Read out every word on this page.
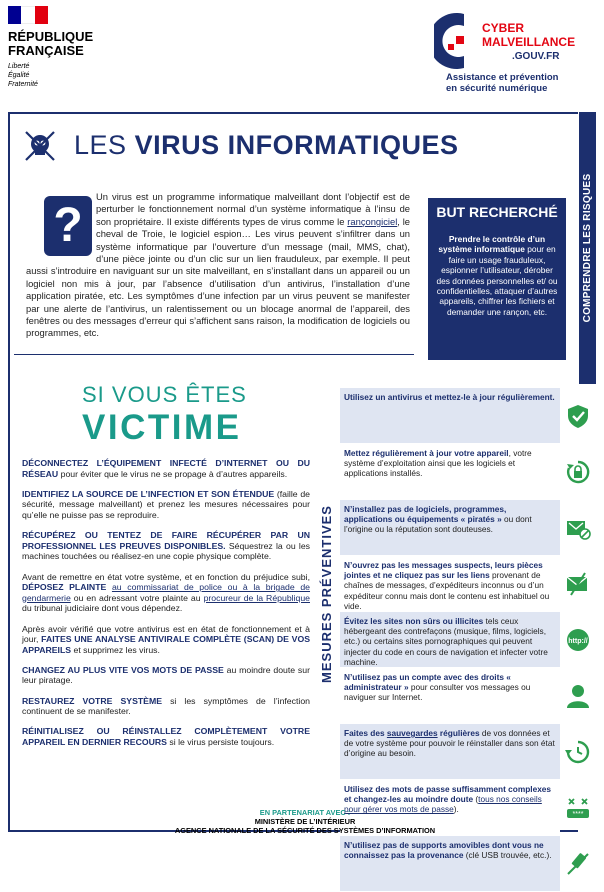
RÉPUBLIQUE
FRANÇAISE
Liberté
Égalité
Fraternité
CYBER
MALVEILLANCE
.GOUV.FR
Assistance et prévention
en sécurité numérique
COMPRENDRE LES RISQUES
LES VIRUS INFORMATIQUES
?
Un virus est un programme informatique malveillant dont l’objectif est de perturber le fonctionnement normal d’un système informatique à l’insu de son propriétaire. Il existe différents types de virus comme le rançongiciel, le cheval de Troie, le logiciel espion… Les virus peuvent s’infiltrer dans un système informatique par l’ouverture d’un message (mail, MMS, chat), d’une pièce jointe ou d’un clic sur un lien frauduleux, par exemple. Il peut aussi s’introduire en naviguant sur un site malveillant, en s’installant dans un appareil ou un logiciel non mis à jour, par l’absence d’utilisation d’un antivirus, l’installation d’une application piratée, etc. Les symptômes d’une infection par un virus peuvent se manifester par une alerte de l’antivirus, un ralentissement ou un blocage anormal de l’appareil, des fenêtres ou des messages d’erreur qui s’affichent sans raison, la modification de logiciels ou programmes, etc.
BUT RECHERCHÉ

Prendre le contrôle d’un système informatique pour en faire un usage frauduleux, espionner l’utilisateur, dérober des données personnelles et/ ou confidentielles, attaquer d’autres appareils, chiffrer les fichiers et demander une rançon, etc.

SI VOUS ÊTES
VICTIME

DÉCONNECTEZ L’ÉQUIPEMENT INFECTÉ D’INTERNET OU DU RÉSEAU pour éviter que le virus ne se propage à d’autres appareils.

IDENTIFIEZ LA SOURCE DE L’INFECTION ET SON ÉTENDUE (faille de sécurité, message malveillant) et prenez les mesures nécessaires pour qu’elle ne puisse pas se reproduire.

RÉCUPÉREZ OU TENTEZ DE FAIRE RÉCUPÉRER PAR UN PROFESSIONNEL LES PREUVES DISPONIBLES. Séquestrez la ou les machines touchées ou réalisez-en une copie physique complète.

Avant de remettre en état votre système, et en fonction du préjudice subi, DÉPOSEZ PLAINTE au commissariat de police ou à la brigade de gendarmerie ou en adressant votre plainte au procureur de la République du tribunal judiciaire dont vous dépendez.

Après avoir vérifié que votre antivirus est en état de fonctionnement et à jour, FAITES UNE ANALYSE ANTIVIRALE COMPLÈTE (SCAN) DE VOS APPAREILS et supprimez les virus.

CHANGEZ AU PLUS VITE VOS MOTS DE PASSE au moindre doute sur leur piratage.

RESTAUREZ VOTRE SYSTÈME si les symptômes de l’infection continuent de se manifester.

RÉINITIALISEZ OU RÉINSTALLEZ COMPLÈTEMENT VOTRE APPAREIL EN DERNIER RECOURS si le virus persiste toujours.

MESURES PRÉVENTIVES
Utilisez un antivirus et mettez-le à jour régulièrement.
Mettez régulièrement à jour votre appareil, votre système d’exploitation ainsi que les logiciels et applications installés.
N’installez pas de logiciels, programmes, applications ou équipements « piratés » ou dont l’origine ou la réputation sont douteuses.
N’ouvrez pas les messages suspects, leurs pièces jointes et ne cliquez pas sur les liens provenant de chaînes de messages, d’expéditeurs inconnus ou d’un expéditeur connu mais dont le contenu est inhabituel ou vide.
Évitez les sites non sûrs ou illicites tels ceux hébergeant des contrefaçons (musique, films, logiciels, etc.) ou certains sites pornographiques qui peuvent injecter du code en cours de navigation et infecter votre machine.
http://
N’utilisez pas un compte avec des droits « administrateur » pour consulter vos messages ou naviguer sur Internet.
Faites des sauvegardes régulières de vos données et de votre système pour pouvoir le réinstaller dans son état d’origine au besoin.
Utilisez des mots de passe suffisamment complexes et changez-les au moindre doute (tous nos conseils pour gérer vos mots de passe).	****
N’utilisez pas de supports amovibles dont vous ne connaissez pas la provenance (clé USB trouvée, etc.).
EN PARTENARIAT AVEC :
MINISTÈRE DE L’INTÉRIEUR
AGENCE NATIONALE DE LA SÉCURITÉ DES SYSTÈMES D’INFORMATION
